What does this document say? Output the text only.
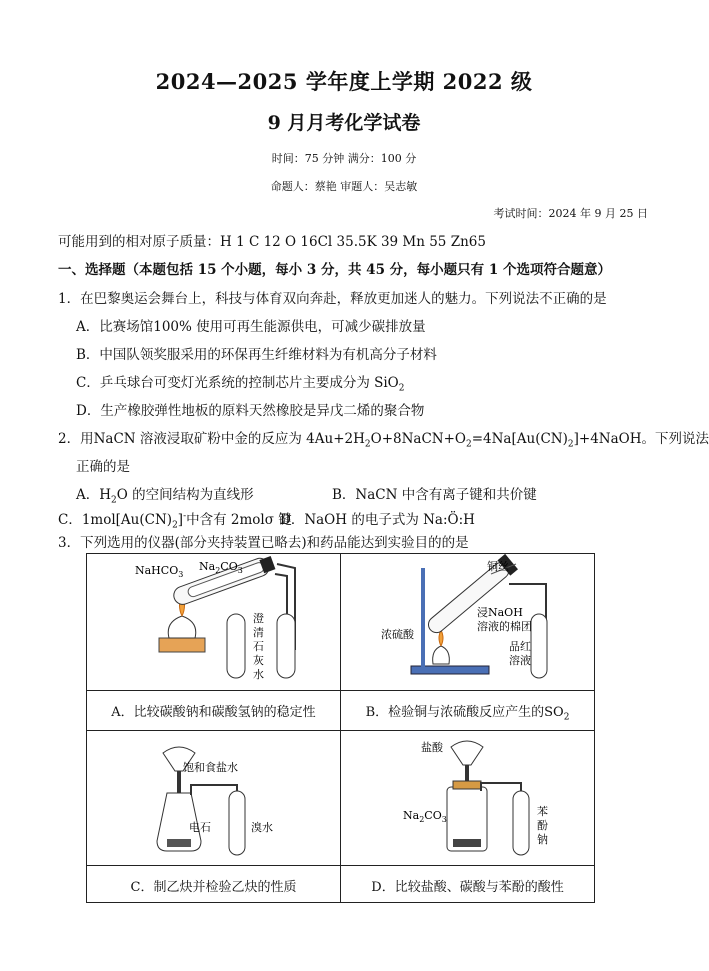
2024—2025 学年度上学期 2022 级
9 月月考化学试卷
时间：75 分钟 满分：100 分
命题人：蔡艳 审题人：吴志敏
考试时间：2024 年 9 月 25 日
可能用到的相对原子质量：H 1 C 12 O 16Cl 35.5K 39 Mn 55 Zn65
一、选择题（本题包括 15 个小题，每小 3 分，共 45 分，每小题只有 1 个选项符合题意）
1．在巴黎奥运会舞台上，科技与体育双向奔赴，释放更加迷人的魅力。下列说法不正确的是
A．比赛场馆100% 使用可再生能源供电，可减少碳排放量
B．中国队领奖服采用的环保再生纤维材料为有机高分子材料
C．乒乓球台可变灯光系统的控制芯片主要成分为 SiO$_2$
D．生产橡胶弹性地板的原料天然橡胶是异戊二烯的聚合物
2．用NaCN 溶液浸取矿粉中金的反应为 $4Au+2H_2O+8NaCN+O_2=4Na[Au(CN)_2]+4NaOH$。下列说法
正确的是
A．$H_2O$ 的空间结构为直线形	B．NaCN 中含有离子键和共价键
C．$1mol[Au(CN)_2]^-$中含有 2molσ 键
D．NaOH 的电子式为 Na:Ö:H
3．下列选用的仪器(部分夹持装置已略去)和药品能达到实验目的的是
NaHCO$_3$
$Na_2CO_3$
澄
清
石
灰
水
铜丝
浸NaOH
溶液的棉团
浓硫酸
品红
溶液
A．比较碳酸钠和碳酸氢钠的稳定性	B．检验铜与浓硫酸反应产生的$SO_2$
饱和食盐水
电石	溴水
盐酸
$Na_2CO_3$
苯
酚
钠
C．制乙炔并检验乙炔的性质	D．比较盐酸、碳酸与苯酚的酸性
